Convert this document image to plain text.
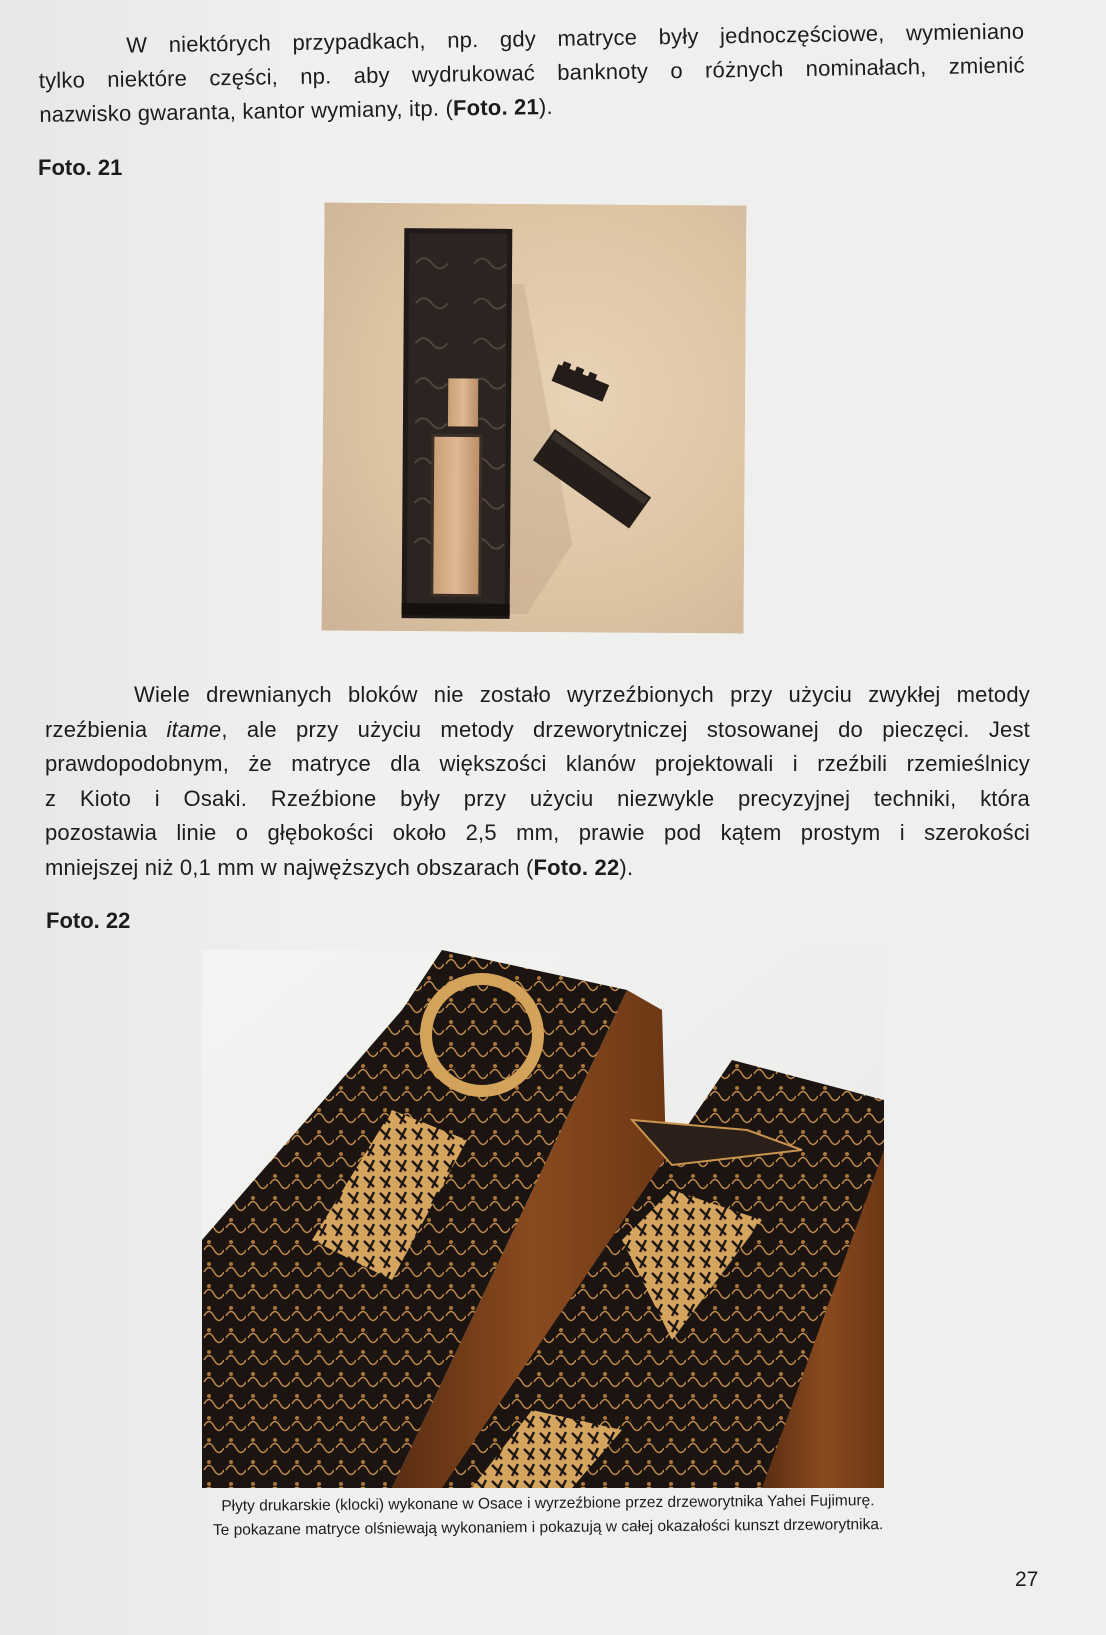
W niektórych przypadkach, np. gdy matryce były jednoczęściowe, wymieniano
tylko niektóre części, np. aby wydrukować banknoty o różnych nominałach, zmienić
nazwisko gwaranta, kantor wymiany, itp. (Foto. 21).
Foto. 21
Wiele drewnianych bloków nie zostało wyrzeźbionych przy użyciu zwykłej metody
rzeźbienia itame, ale przy użyciu metody drzeworytniczej stosowanej do pieczęci. Jest
prawdopodobnym, że matryce dla większości klanów projektowali i rzeźbili rzemieślnicy
z Kioto i Osaki. Rzeźbione były przy użyciu niezwykle precyzyjnej techniki, która
pozostawia linie o głębokości około 2,5 mm, prawie pod kątem prostym i szerokości
mniejszej niż 0,1 mm w najwęższych obszarach (Foto. 22).
Foto. 22
Płyty drukarskie (klocki) wykonane w Osace i wyrzeźbione przez drzeworytnika Yahei Fujimurę.
Te pokazane matryce olśniewają wykonaniem i pokazują w całej okazałości kunszt drzeworytnika.
27
